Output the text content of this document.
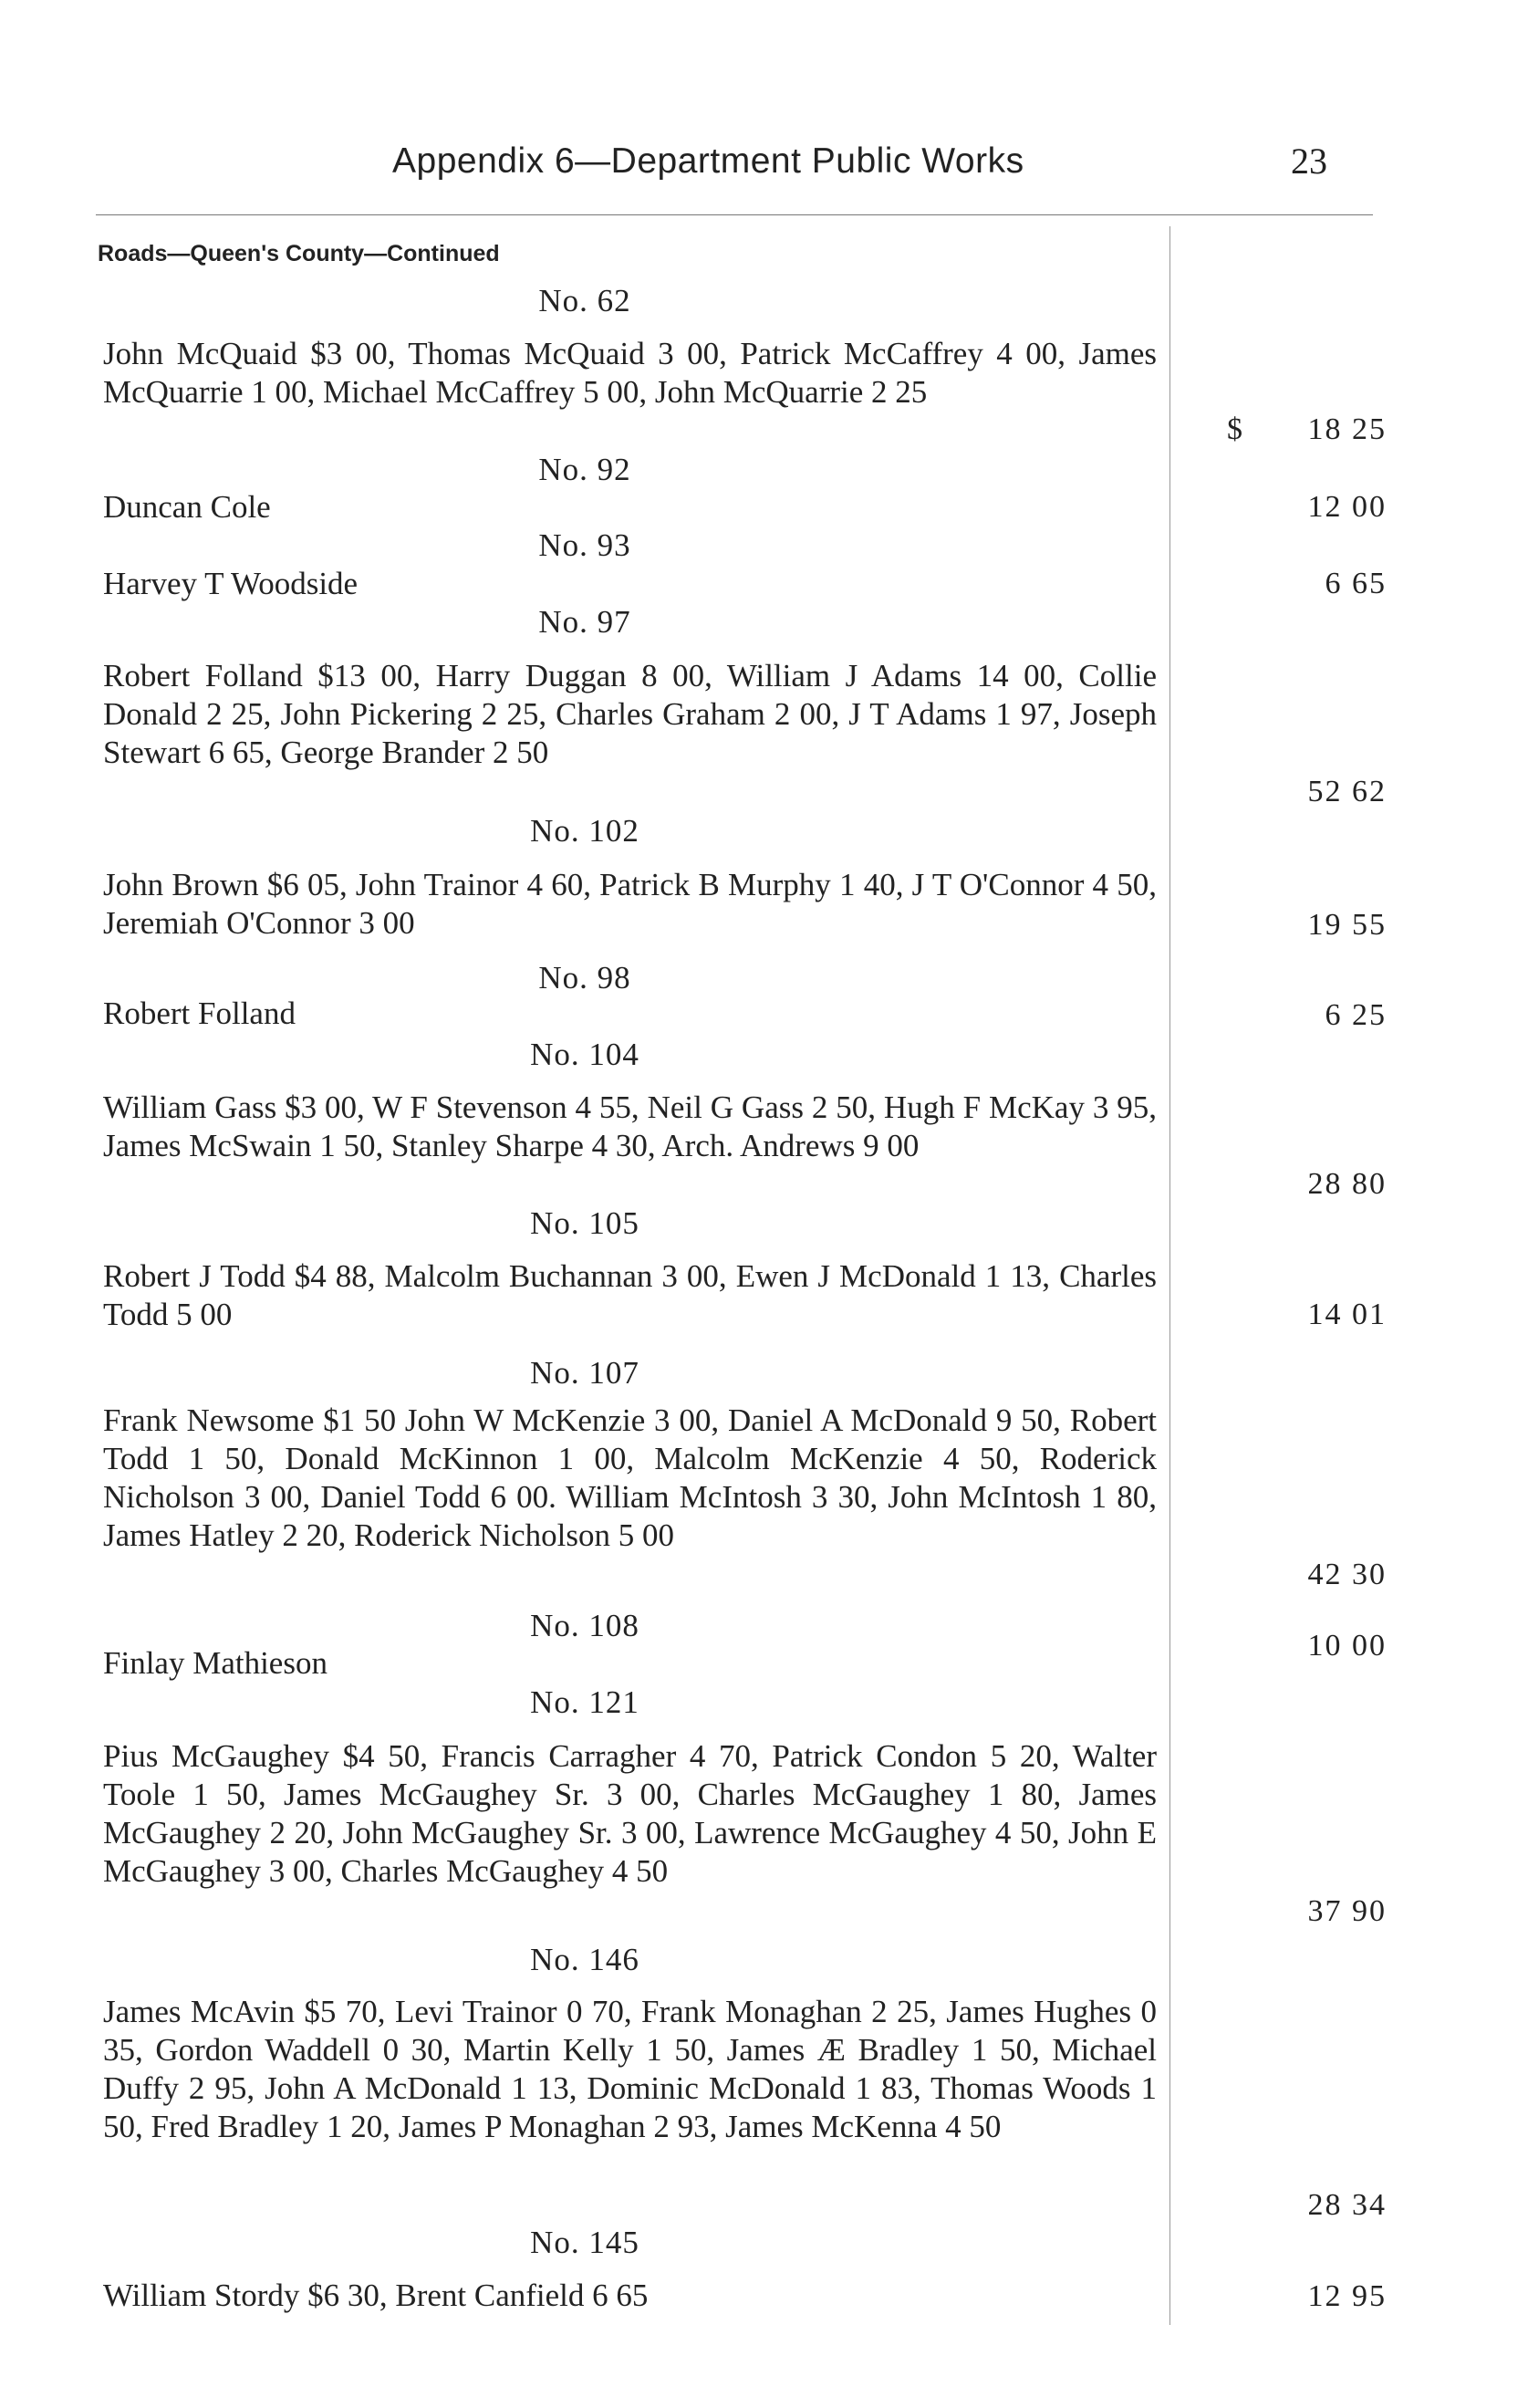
Appendix 6—Department Public Works	23
Roads—Queen's County—Continued
$
No. 62
John McQuaid $3 00, Thomas McQuaid 3 00, Patrick McCaffrey 4 00, James McQuarrie 1 00, Michael McCaffrey 5 00, John McQuarrie 2 25
18 25
No. 92
Duncan Cole	12 00
No. 93
Harvey T Woodside	6 65
No. 97
Robert Folland $13 00, Harry Duggan 8 00, William J Adams 14 00, Collie Donald 2 25, John Pickering 2 25, Charles Graham 2 00, J T Adams 1 97, Joseph Stewart 6 65, George Brander 2 50
52 62
No. 102
John Brown $6 05, John Trainor 4 60, Patrick B Murphy 1 40, J T O'Connor 4 50, Jeremiah O'Connor 3 00	19 55
No. 98
Robert Folland	6 25
No. 104
William Gass $3 00, W F Stevenson 4 55, Neil G Gass 2 50, Hugh F McKay 3 95, James McSwain 1 50, Stanley Sharpe 4 30, Arch. Andrews 9 00
28 80
No. 105
Robert J Todd $4 88, Malcolm Buchannan 3 00, Ewen J McDonald 1 13, Charles Todd 5 00	14 01
No. 107
Frank Newsome $1 50 John W McKenzie 3 00, Daniel A McDonald 9 50, Robert Todd 1 50, Donald McKinnon 1 00, Malcolm McKenzie 4 50, Roderick Nicholson 3 00, Daniel Todd 6 00. William McIntosh 3 30, John McIntosh 1 80, James Hatley 2 20, Roderick Nicholson 5 00
42 30
No. 108
Finlay Mathieson	10 00
No. 121
Pius McGaughey $4 50, Francis Carragher 4 70, Patrick Condon 5 20, Walter Toole 1 50, James McGaughey Sr. 3 00, Charles McGaughey 1 80, James McGaughey 2 20, John McGaughey Sr. 3 00, Lawrence McGaughey 4 50, John E McGaughey 3 00, Charles McGaughey 4 50
37 90
No. 146
James McAvin $5 70, Levi Trainor 0 70, Frank Monaghan 2 25, James Hughes 0 35, Gordon Waddell 0 30, Martin Kelly 1 50, James Æ Bradley 1 50, Michael Duffy 2 95, John A McDonald 1 13, Dominic McDonald 1 83, Thomas Woods 1 50, Fred Bradley 1 20, James P Monaghan 2 93, James McKenna 4 50
28 34
No. 145
William Stordy $6 30, Brent Canfield 6 65	12 95
